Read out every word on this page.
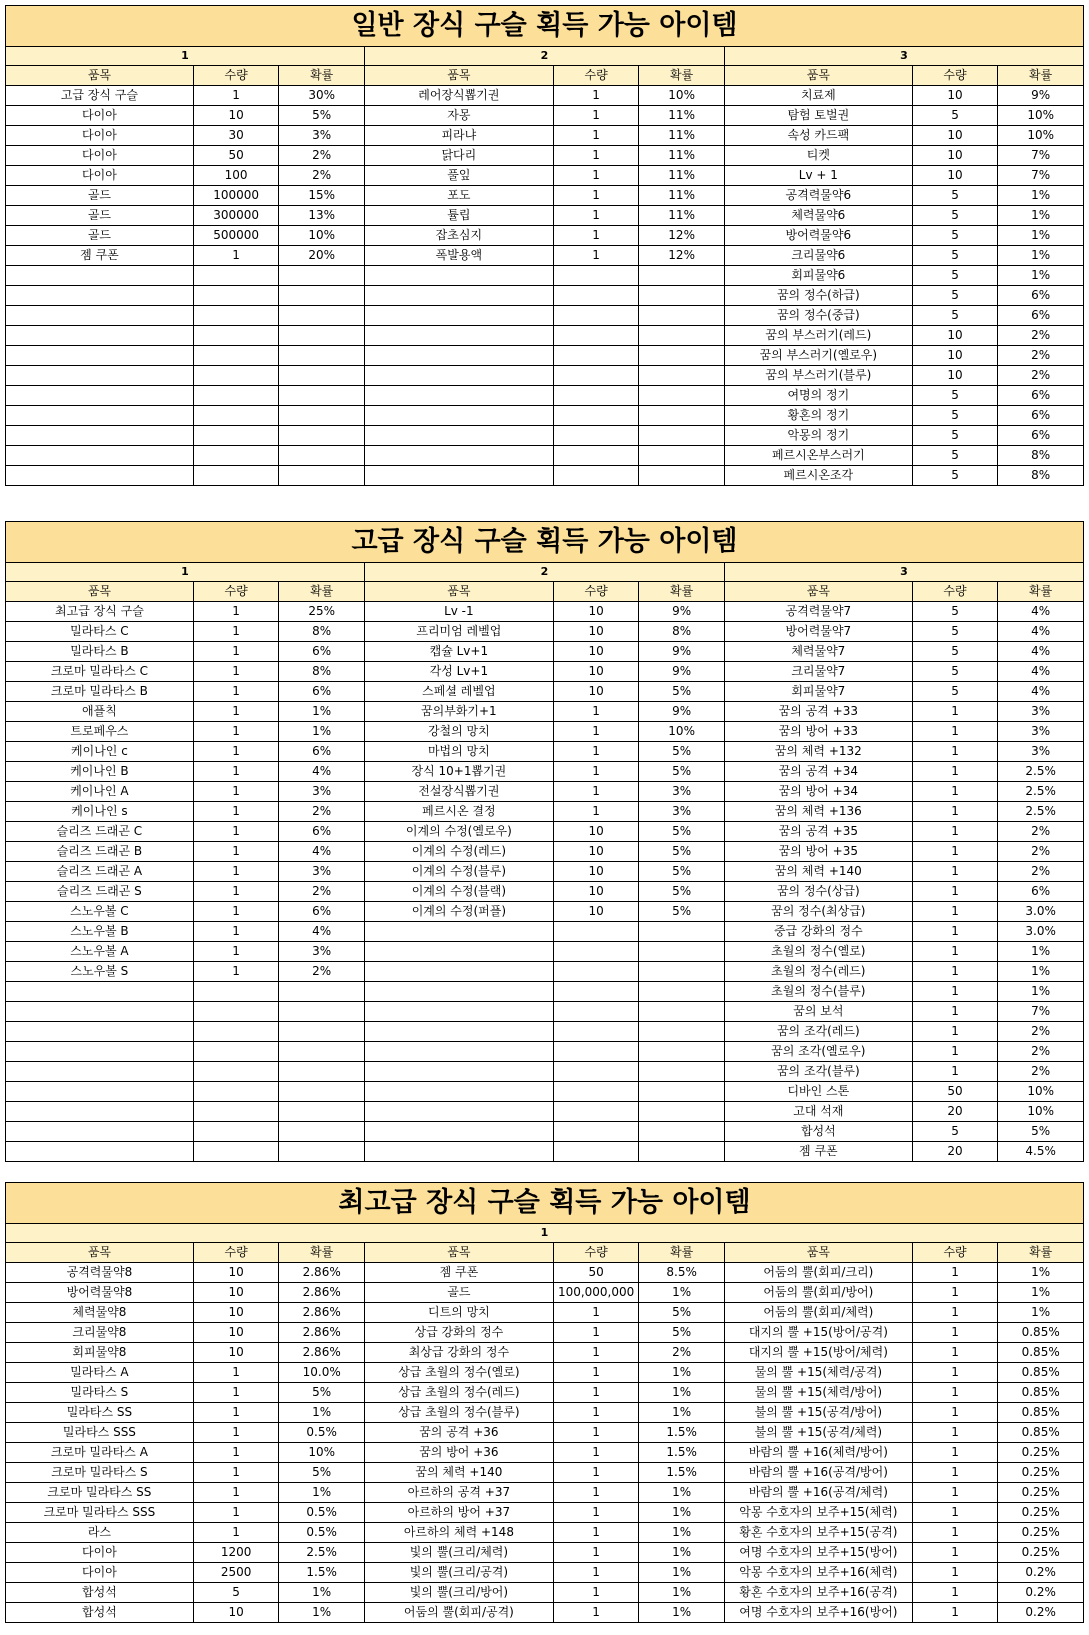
일반 장식 구슬 획득 가능 아이템								
1			2			3		
품목	수량	확률	품목	수량	확률	품목	수량	확률
고급 장식 구슬	1	30%	레어장식뽑기권	1	10%	치료제	10	9%
다이아	10	5%	자몽	1	11%	탐험 토벌권	5	10%
다이아	30	3%	피라냐	1	11%	속성 카드팩	10	10%
다이아	50	2%	닭다리	1	11%	티켓	10	7%
다이아	100	2%	풀잎	1	11%	Lv + 1	10	7%
골드	100000	15%	포도	1	11%	공격력물약6	5	1%
골드	300000	13%	튤립	1	11%	체력물약6	5	1%
골드	500000	10%	잡초심지	1	12%	방어력물약6	5	1%
젬 쿠폰	1	20%	폭발용액	1	12%	크리물약6	5	1%
						회피물약6	5	1%
						꿈의 정수(하급)	5	6%
						꿈의 정수(중급)	5	6%
						꿈의 부스러기(레드)	10	2%
						꿈의 부스러기(옐로우)	10	2%
						꿈의 부스러기(블루)	10	2%
						여명의 정기	5	6%
						황혼의 정기	5	6%
						악몽의 정기	5	6%
						페르시온부스러기	5	8%
						페르시온조각	5	8%
고급 장식 구슬 획득 가능 아이템								
1			2			3		
품목	수량	확률	품목	수량	확률	품목	수량	확률
최고급 장식 구슬	1	25%	Lv -1	10	9%	공격력물약7	5	4%
밀라타스 C	1	8%	프리미엄 레벨업	10	8%	방어력물약7	5	4%
밀라타스 B	1	6%	캡슐 Lv+1	10	9%	체력물약7	5	4%
크로마 밀라타스 C	1	8%	각성 Lv+1	10	9%	크리물약7	5	4%
크로마 밀라타스 B	1	6%	스페셜 레벨업	10	5%	회피물약7	5	4%
애플칙	1	1%	꿈의부화기+1	1	9%	꿈의 공격 +33	1	3%
트로페우스	1	1%	강철의 망치	1	10%	꿈의 방어 +33	1	3%
케이나인 c	1	6%	마법의 망치	1	5%	꿈의 체력 +132	1	3%
케이나인 B	1	4%	장식 10+1뽑기권	1	5%	꿈의 공격 +34	1	2.5%
케이나인 A	1	3%	전설장식뽑기권	1	3%	꿈의 방어 +34	1	2.5%
케이나인 s	1	2%	페르시온 결정	1	3%	꿈의 체력 +136	1	2.5%
슬리즈 드래곤 C	1	6%	이계의 수정(옐로우)	10	5%	꿈의 공격 +35	1	2%
슬리즈 드래곤 B	1	4%	이계의 수정(레드)	10	5%	꿈의 방어 +35	1	2%
슬리즈 드래곤 A	1	3%	이계의 수정(블루)	10	5%	꿈의 체력 +140	1	2%
슬리즈 드래곤 S	1	2%	이계의 수정(블랙)	10	5%	꿈의 정수(상급)	1	6%
스노우볼 C	1	6%	이계의 수정(퍼플)	10	5%	꿈의 정수(최상급)	1	3.0%
스노우볼 B	1	4%				중급 강화의 정수	1	3.0%
스노우볼 A	1	3%				초월의 정수(옐로)	1	1%
스노우볼 S	1	2%				초월의 정수(레드)	1	1%
						초월의 정수(블루)	1	1%
						꿈의 보석	1	7%
						꿈의 조각(레드)	1	2%
						꿈의 조각(옐로우)	1	2%
						꿈의 조각(블루)	1	2%
						디바인 스톤	50	10%
						고대 석재	20	10%
						합성석	5	5%
						젬 쿠폰	20	4.5%
최고급 장식 구슬 획득 가능 아이템								
1								
품목	수량	확률	품목	수량	확률	품목	수량	확률
공격력물약8	10	2.86%	젬 쿠폰	50	8.5%	어둠의 뿔(회피/크리)	1	1%
방어력물약8	10	2.86%	골드	100,000,000	1%	어둠의 뿔(회피/방어)	1	1%
체력물약8	10	2.86%	디트의 망치	1	5%	어둠의 뿔(회피/체력)	1	1%
크리물약8	10	2.86%	상급 강화의 정수	1	5%	대지의 뿔 +15(방어/공격)	1	0.85%
회피물약8	10	2.86%	최상급 강화의 정수	1	2%	대지의 뿔 +15(방어/체력)	1	0.85%
밀라타스 A	1	10.0%	상급 초월의 정수(옐로)	1	1%	물의 뿔 +15(체력/공격)	1	0.85%
밀라타스 S	1	5%	상급 초월의 정수(레드)	1	1%	물의 뿔 +15(체력/방어)	1	0.85%
밀라타스 SS	1	1%	상급 초월의 정수(블루)	1	1%	불의 뿔 +15(공격/방어)	1	0.85%
밀라타스 SSS	1	0.5%	꿈의 공격 +36	1	1.5%	불의 뿔 +15(공격/체력)	1	0.85%
크로마 밀라타스 A	1	10%	꿈의 방어 +36	1	1.5%	바람의 뿔 +16(체력/방어)	1	0.25%
크로마 밀라타스 S	1	5%	꿈의 체력 +140	1	1.5%	바람의 뿔 +16(공격/방어)	1	0.25%
크로마 밀라타스 SS	1	1%	아르하의 공격 +37	1	1%	바람의 뿔 +16(공격/체력)	1	0.25%
크로마 밀라타스 SSS	1	0.5%	아르하의 방어 +37	1	1%	악몽 수호자의 보주+15(체력)	1	0.25%
라스	1	0.5%	아르하의 체력 +148	1	1%	황혼 수호자의 보주+15(공격)	1	0.25%
다이아	1200	2.5%	빛의 뿔(크리/체력)	1	1%	여명 수호자의 보주+15(방어)	1	0.25%
다이아	2500	1.5%	빛의 뿔(크리/공격)	1	1%	악몽 수호자의 보주+16(체력)	1	0.2%
합성석	5	1%	빛의 뿔(크리/방어)	1	1%	황혼 수호자의 보주+16(공격)	1	0.2%
합성석	10	1%	어둠의 뿔(회피/공격)	1	1%	여명 수호자의 보주+16(방어)	1	0.2%
